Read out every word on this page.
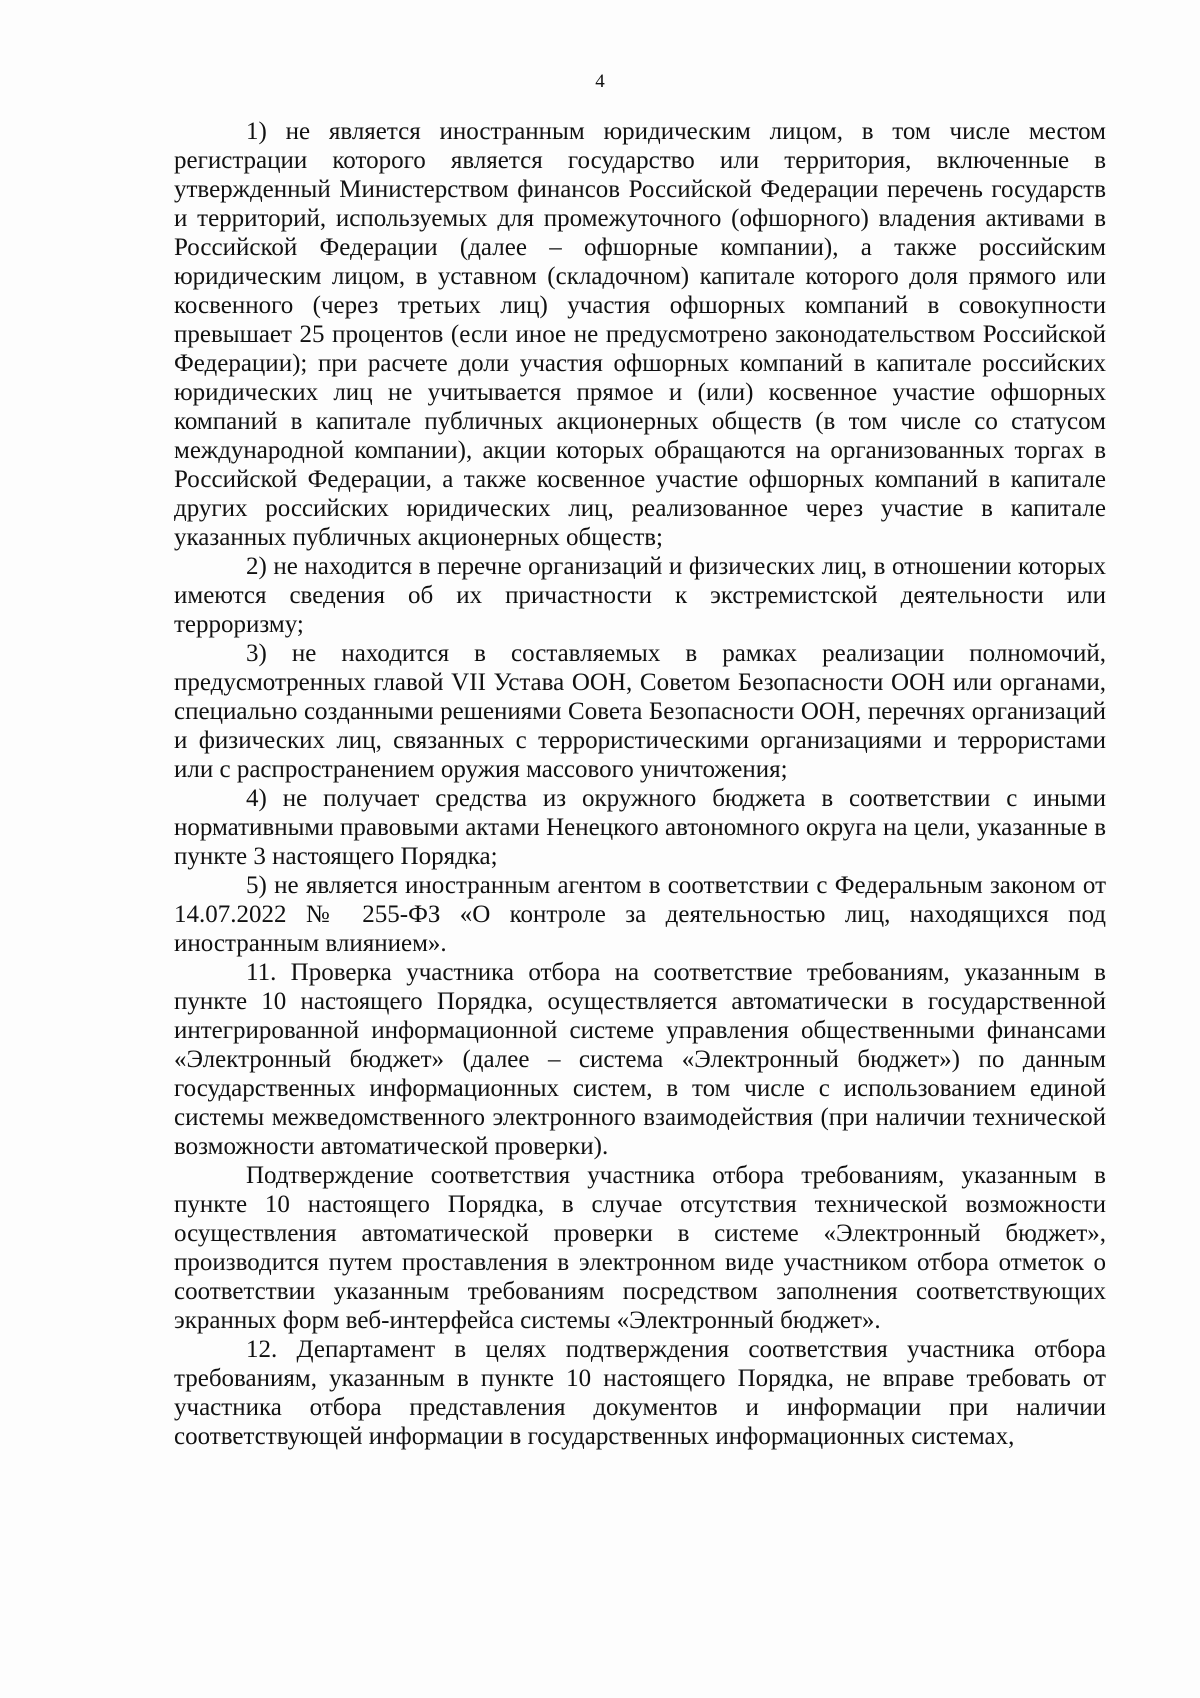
4

1) не является иностранным юридическим лицом, в том числе местом регистрации которого является государство или территория, включенные в утвержденный Министерством финансов Российской Федерации перечень государств и территорий, используемых для промежуточного (офшорного) владения активами в Российской Федерации (далее – офшорные компании), а также российским юридическим лицом, в уставном (складочном) капитале которого доля прямого или косвенного (через третьих лиц) участия офшорных компаний в совокупности превышает 25 процентов (если иное не предусмотрено законодательством Российской Федерации); при расчете доли участия офшорных компаний в капитале российских юридических лиц не учитывается прямое и (или) косвенное участие офшорных компаний в капитале публичных акционерных обществ (в том числе со статусом международной компании), акции которых обращаются на организованных торгах в Российской Федерации, а также косвенное участие офшорных компаний в капитале других российских юридических лиц, реализованное через участие в капитале указанных публичных акционерных обществ;

2) не находится в перечне организаций и физических лиц, в отношении которых имеются сведения об их причастности к экстремистской деятельности или терроризму;

3) не находится в составляемых в рамках реализации полномочий, предусмотренных главой VII Устава ООН, Советом Безопасности ООН или органами, специально созданными решениями Совета Безопасности ООН, перечнях организаций и физических лиц, связанных с террористическими организациями и террористами или с распространением оружия массового уничтожения;

4) не получает средства из окружного бюджета в соответствии с иными нормативными правовыми актами Ненецкого автономного округа на цели, указанные в пункте 3 настоящего Порядка;

5) не является иностранным агентом в соответствии с Федеральным законом от 14.07.2022 № 255-ФЗ «О контроле за деятельностью лиц, находящихся под иностранным влиянием».

11. Проверка участника отбора на соответствие требованиям, указанным в пункте 10 настоящего Порядка, осуществляется автоматически в государственной интегрированной информационной системе управления общественными финансами «Электронный бюджет» (далее – система «Электронный бюджет») по данным государственных информационных систем, в том числе с использованием единой системы межведомственного электронного взаимодействия (при наличии технической возможности автоматической проверки).

Подтверждение соответствия участника отбора требованиям, указанным в пункте 10 настоящего Порядка, в случае отсутствия технической возможности осуществления автоматической проверки в системе «Электронный бюджет», производится путем проставления в электронном виде участником отбора отметок о соответствии указанным требованиям посредством заполнения соответствующих экранных форм веб-интерфейса системы «Электронный бюджет».

12. Департамент в целях подтверждения соответствия участника отбора требованиям, указанным в пункте 10 настоящего Порядка, не вправе требовать от участника отбора представления документов и информации при наличии соответствующей информации в государственных информационных системах,
